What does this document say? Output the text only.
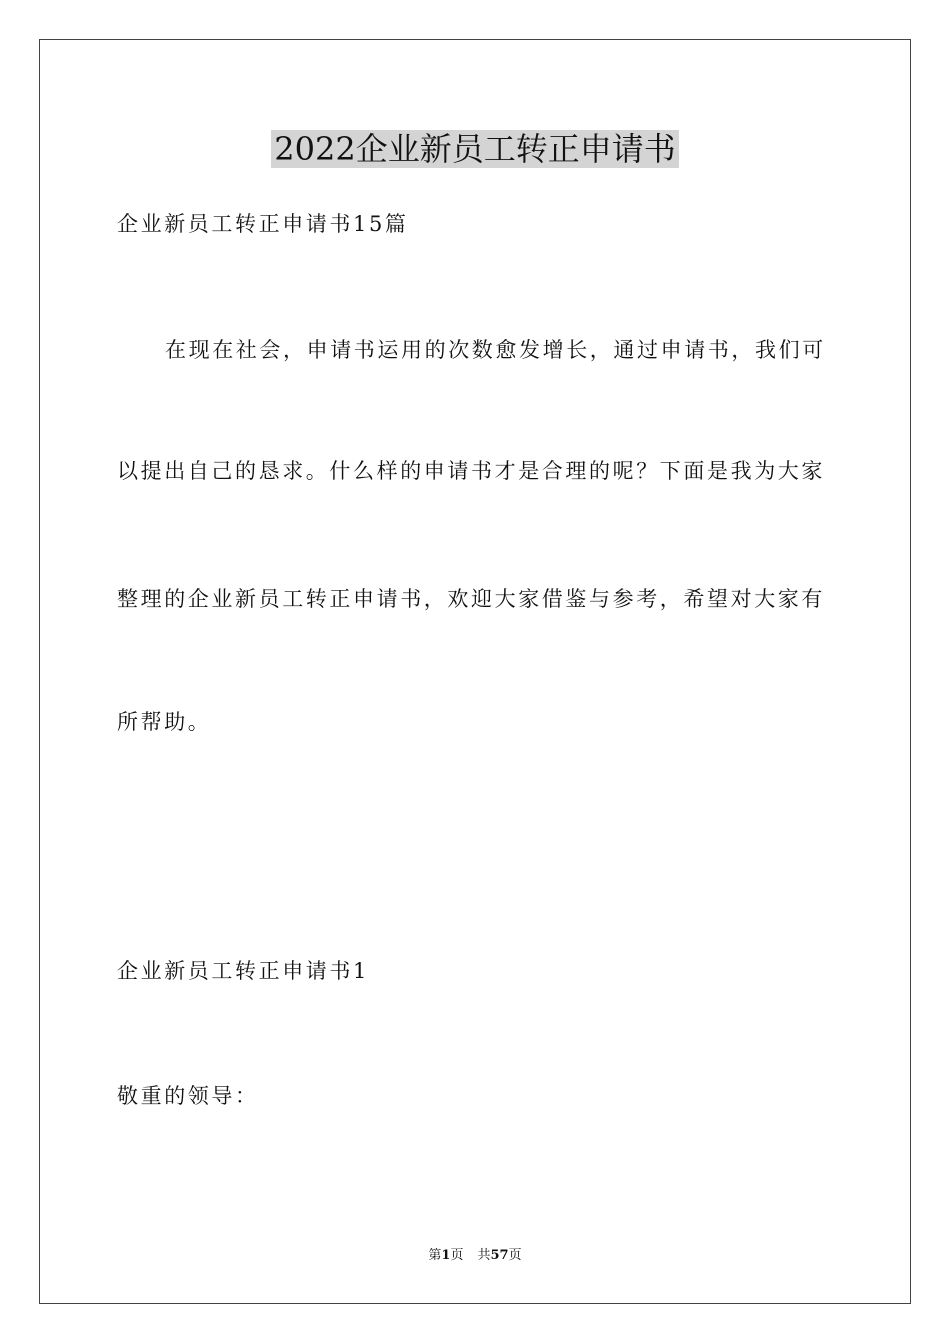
2022企业新员工转正申请书
企业新员工转正申请书15篇
在现在社会，申请书运用的次数愈发增长，通过申请书，我们可
以提出自己的恳求。什么样的申请书才是合理的呢？下面是我为大家
整理的企业新员工转正申请书，欢迎大家借鉴与参考，希望对大家有
所帮助。
企业新员工转正申请书1
敬重的领导：
第1页 共57页
